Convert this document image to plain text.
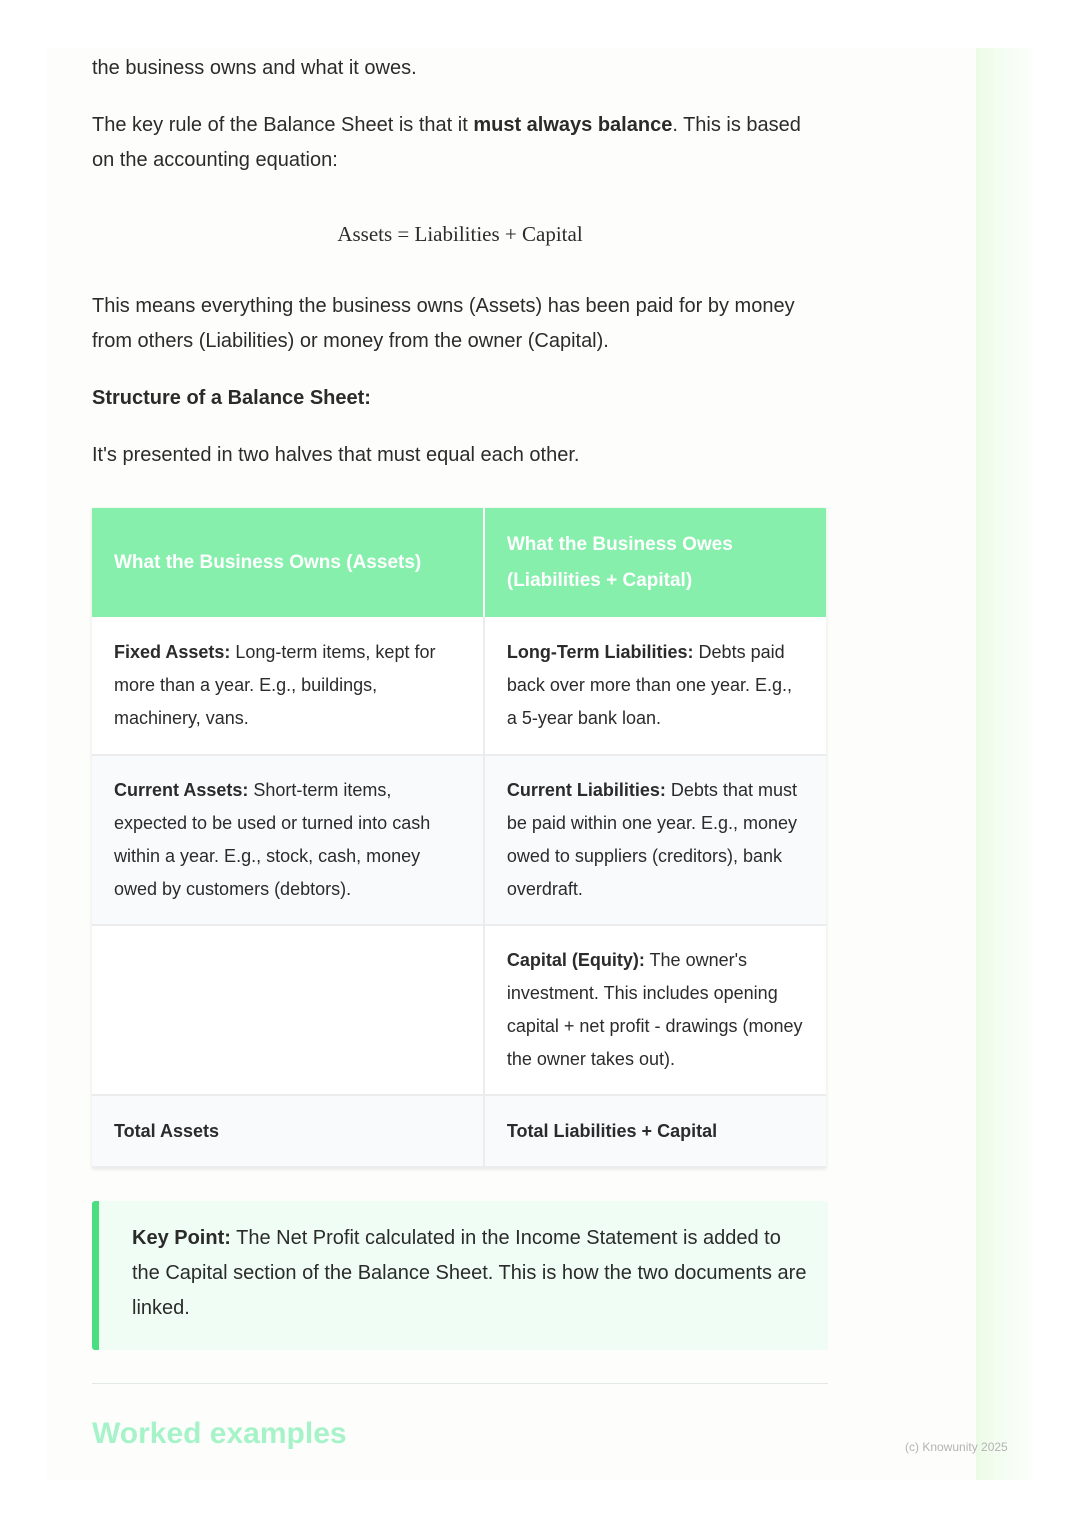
the business owns and what it owes.

The key rule of the Balance Sheet is that it must always balance. This is based on the accounting equation:

Assets = Liabilities + Capital

This means everything the business owns (Assets) has been paid for by money from others (Liabilities) or money from the owner (Capital).

Structure of a Balance Sheet:

It's presented in two halves that must equal each other.

What the Business Owns (Assets)	What the Business Owes (Liabilities + Capital)
Fixed Assets: Long-term items, kept for more than a year. E.g., buildings, machinery, vans.	Long-Term Liabilities: Debts paid back over more than one year. E.g., a 5-year bank loan.
Current Assets: Short-term items, expected to be used or turned into cash within a year. E.g., stock, cash, money owed by customers (debtors).	Current Liabilities: Debts that must be paid within one year. E.g., money owed to suppliers (creditors), bank overdraft.
	Capital (Equity): The owner's investment. This includes opening capital + net profit - drawings (money the owner takes out).
Total Assets	Total Liabilities + Capital

Key Point: The Net Profit calculated in the Income Statement is added to the Capital section of the Balance Sheet. This is how the two documents are linked.

Worked examples	(c) Knowunity 2025
